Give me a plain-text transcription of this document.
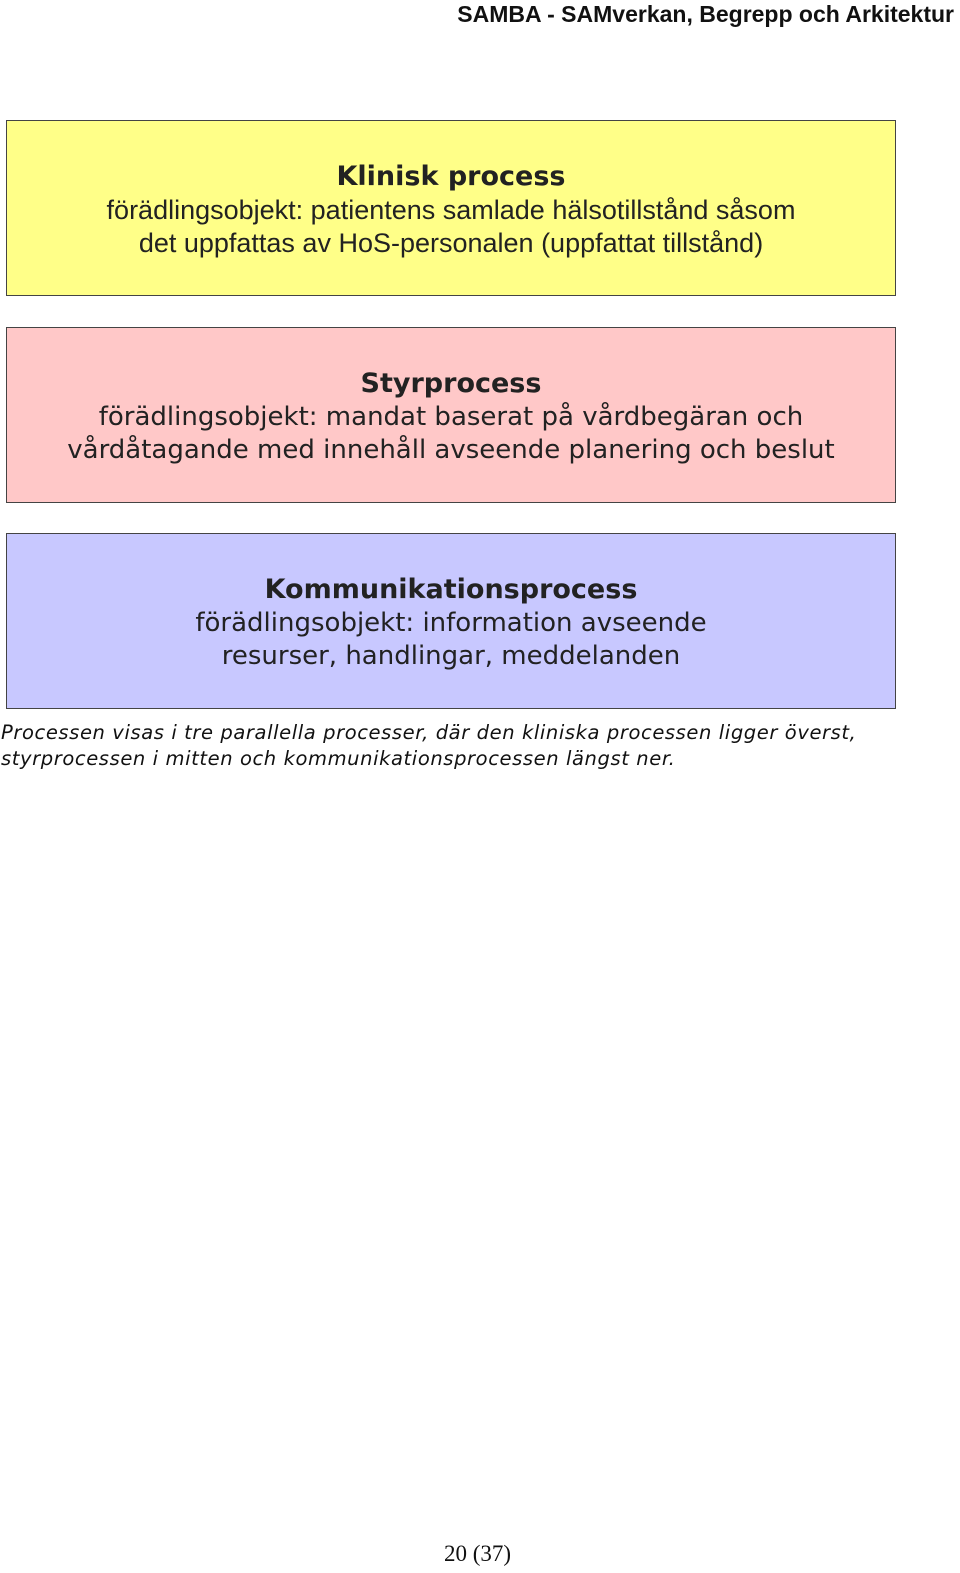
SAMBA - SAMverkan, Begrepp och Arkitektur
Klinisk process
förädlingsobjekt: patientens samlade hälsotillstånd såsom
det uppfattas av HoS-personalen (uppfattat tillstånd)
Styrprocess
förädlingsobjekt: mandat baserat på vårdbegäran och
vårdåtagande med innehåll avseende planering och beslut
Kommunikationsprocess
förädlingsobjekt: information avseende
resurser, handlingar, meddelanden
Processen visas i tre parallella processer, där den kliniska processen ligger överst,
styrprocessen i mitten och kommunikationsprocessen längst ner.
20 (37)
